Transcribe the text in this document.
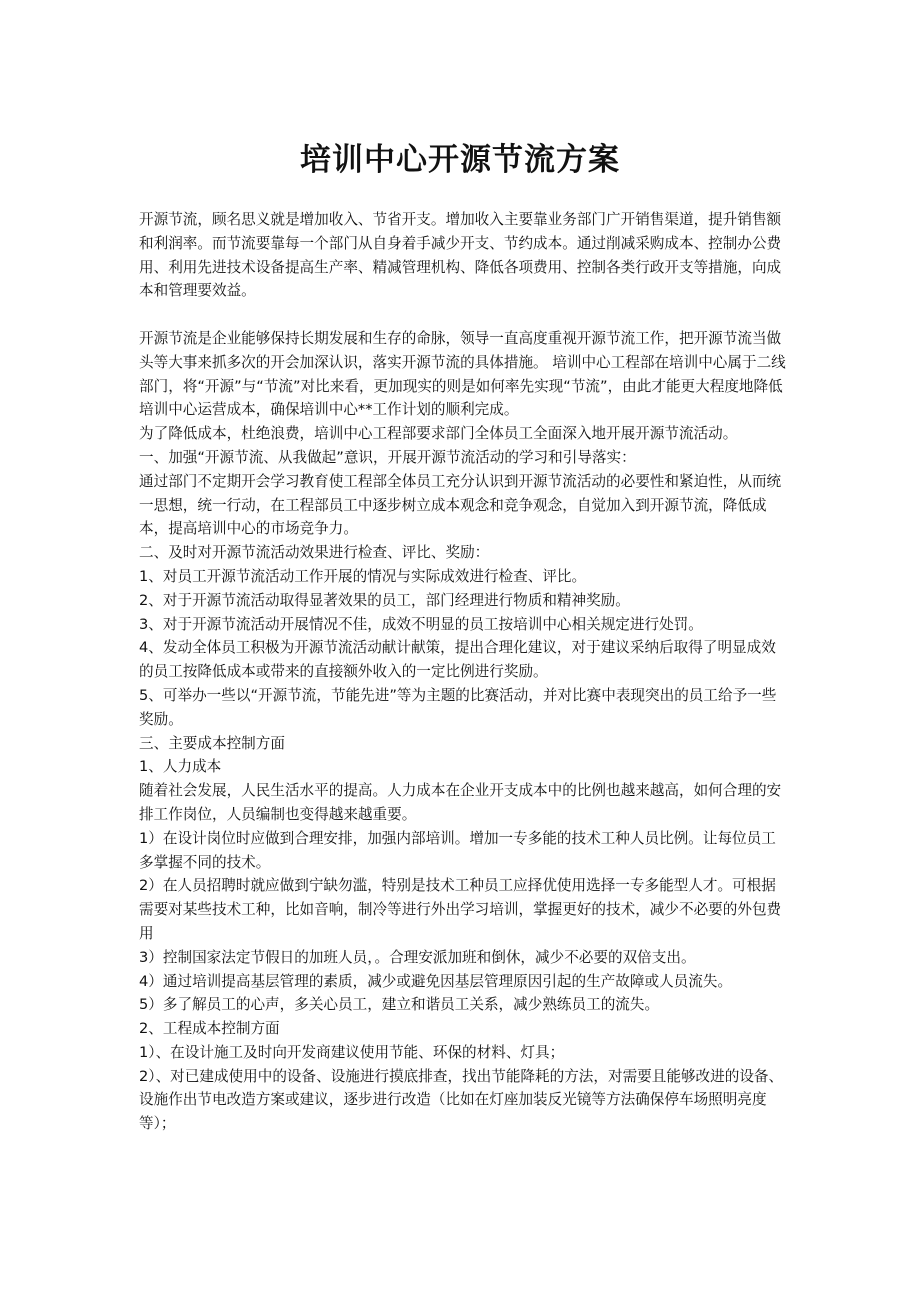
培训中心开源节流方案

开源节流，顾名思义就是增加收入、节省开支。增加收入主要靠业务部门广开销售渠道，提升销售额和利润率。而节流要靠每一个部门从自身着手减少开支、节约成本。通过削减采购成本、控制办公费用、利用先进技术设备提高生产率、精减管理机构、降低各项费用、控制各类行政开支等措施，向成本和管理要效益。

开源节流是企业能够保持长期发展和生存的命脉，领导一直高度重视开源节流工作，把开源节流当做头等大事来抓多次的开会加深认识，落实开源节流的具体措施。 培训中心工程部在培训中心属于二线部门，将“开源”与“节流”对比来看，更加现实的则是如何率先实现“节流”，由此才能更大程度地降低培训中心运营成本，确保培训中心**工作计划的顺利完成。

为了降低成本，杜绝浪费，培训中心工程部要求部门全体员工全面深入地开展开源节流活动。

一、加强“开源节流、从我做起”意识，开展开源节流活动的学习和引导落实：

通过部门不定期开会学习教育使工程部全体员工充分认识到开源节流活动的必要性和紧迫性，从而统一思想，统一行动，在工程部员工中逐步树立成本观念和竞争观念，自觉加入到开源节流，降低成本，提高培训中心的市场竞争力。

二、及时对开源节流活动效果进行检查、评比、奖励：

1、对员工开源节流活动工作开展的情况与实际成效进行检查、评比。

2、对于开源节流活动取得显著效果的员工，部门经理进行物质和精神奖励。

3、对于开源节流活动开展情况不佳，成效不明显的员工按培训中心相关规定进行处罚。

4、发动全体员工积极为开源节流活动献计献策，提出合理化建议，对于建议采纳后取得了明显成效的员工按降低成本或带来的直接额外收入的一定比例进行奖励。

5、可举办一些以“开源节流，节能先进”等为主题的比赛活动，并对比赛中表现突出的员工给予一些奖励。

三、主要成本控制方面

1、人力成本

随着社会发展，人民生活水平的提高。人力成本在企业开支成本中的比例也越来越高，如何合理的安排工作岗位，人员编制也变得越来越重要。

1）在设计岗位时应做到合理安排，加强内部培训。增加一专多能的技术工种人员比例。让每位员工多掌握不同的技术。

2）在人员招聘时就应做到宁缺勿滥，特别是技术工种员工应择优使用选择一专多能型人才。可根据需要对某些技术工种，比如音响，制冷等进行外出学习培训，掌握更好的技术，减少不必要的外包费用

3）控制国家法定节假日的加班人员，。合理安派加班和倒休，减少不必要的双倍支出。

4）通过培训提高基层管理的素质，减少或避免因基层管理原因引起的生产故障或人员流失。

5）多了解员工的心声，多关心员工，建立和谐员工关系，减少熟练员工的流失。

2、工程成本控制方面

1）、在设计施工及时向开发商建议使用节能、环保的材料、灯具；

2）、对已建成使用中的设备、设施进行摸底排查，找出节能降耗的方法，对需要且能够改进的设备、设施作出节电改造方案或建议，逐步进行改造（比如在灯座加装反光镜等方法确保停车场照明亮度等）；
